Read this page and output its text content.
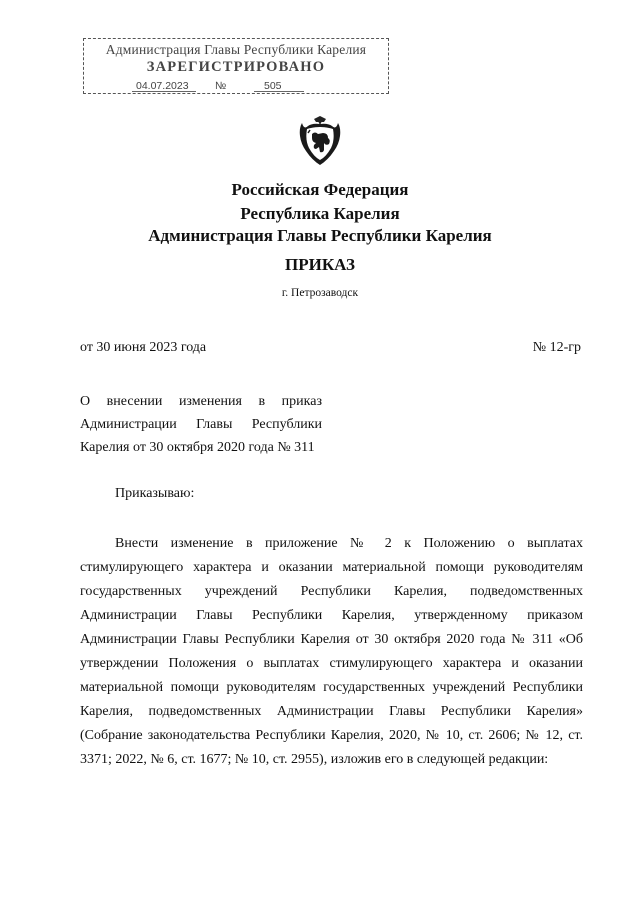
Администрация Главы Республики Карелия
ЗАРЕГИСТРИРОВАНО
04.07.2023	№	505
Российская Федерация
Республика Карелия
Администрация Главы Республики Карелия
ПРИКАЗ
г. Петрозаводск
от 30 июня 2023 года	№ 12-гр
О внесении изменения в приказ
Администрации Главы Республики
Карелия от 30 октября 2020 года № 311
Приказываю:
Внести изменение в приложение № 2 к Положению о выплатах
стимулирующего характера и оказании материальной помощи руководителям
государственных учреждений Республики Карелия, подведомственных
Администрации Главы Республики Карелия, утвержденному приказом
Администрации Главы Республики Карелия от 30 октября 2020 года № 311 «Об
утверждении Положения о выплатах стимулирующего характера и оказании
материальной помощи руководителям государственных учреждений Республики
Карелия, подведомственных Администрации Главы Республики Карелия»
(Собрание законодательства Республики Карелия, 2020, № 10, ст. 2606; № 12, ст.
3371; 2022, № 6, ст. 1677; № 10, ст. 2955), изложив его в следующей редакции:
